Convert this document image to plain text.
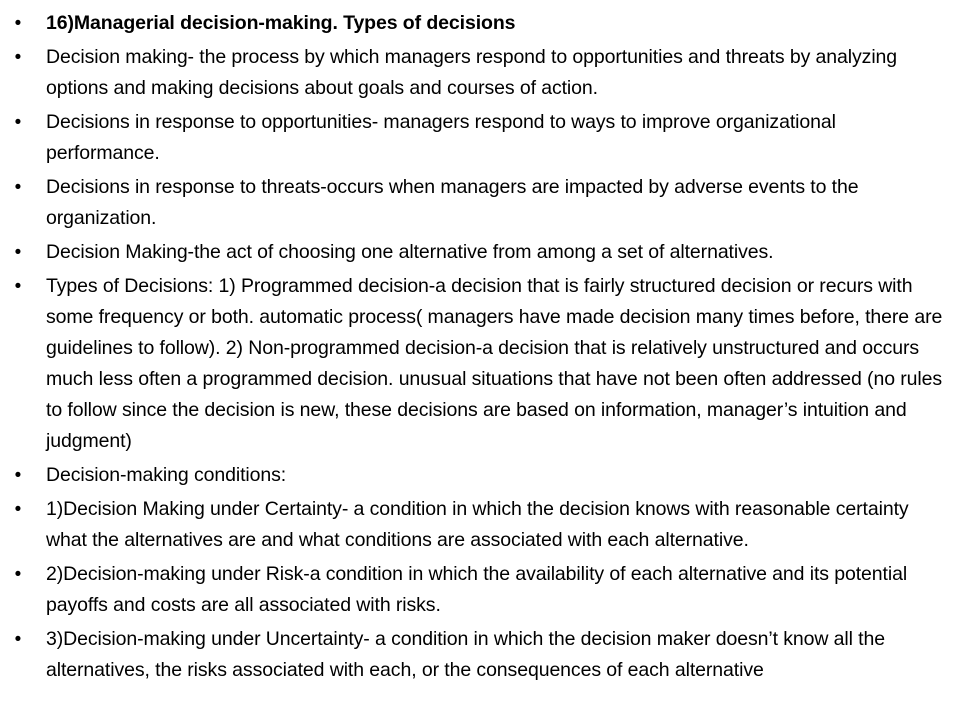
• 16)Managerial decision-making. Types of decisions
• Decision making- the process by which managers respond to opportunities and threats by analyzing options and making decisions about goals and courses of action.
• Decisions in response to opportunities- managers respond to ways to improve organizational performance.
• Decisions in response to threats-occurs when managers are impacted by adverse events to the organization.
• Decision Making-the act of choosing one alternative from among a set of alternatives.
• Types of Decisions: 1) Programmed decision-a decision that is fairly structured decision or recurs with some frequency or both. automatic process( managers have made decision many times before, there are guidelines to follow). 2) Non-programmed decision-a decision that is relatively unstructured and occurs much less often a programmed decision. unusual situations that have not been often addressed (no rules to follow since the decision is new, these decisions are based on information, manager’s intuition and judgment)
• Decision-making conditions:
• 1)Decision Making under Certainty- a condition in which the decision knows with reasonable certainty what the alternatives are and what conditions are associated with each alternative.
• 2)Decision-making under Risk-a condition in which the availability of each alternative and its potential payoffs and costs are all associated with risks.
• 3)Decision-making under Uncertainty- a condition in which the decision maker doesn’t know all the alternatives, the risks associated with each, or the consequences of each alternative
